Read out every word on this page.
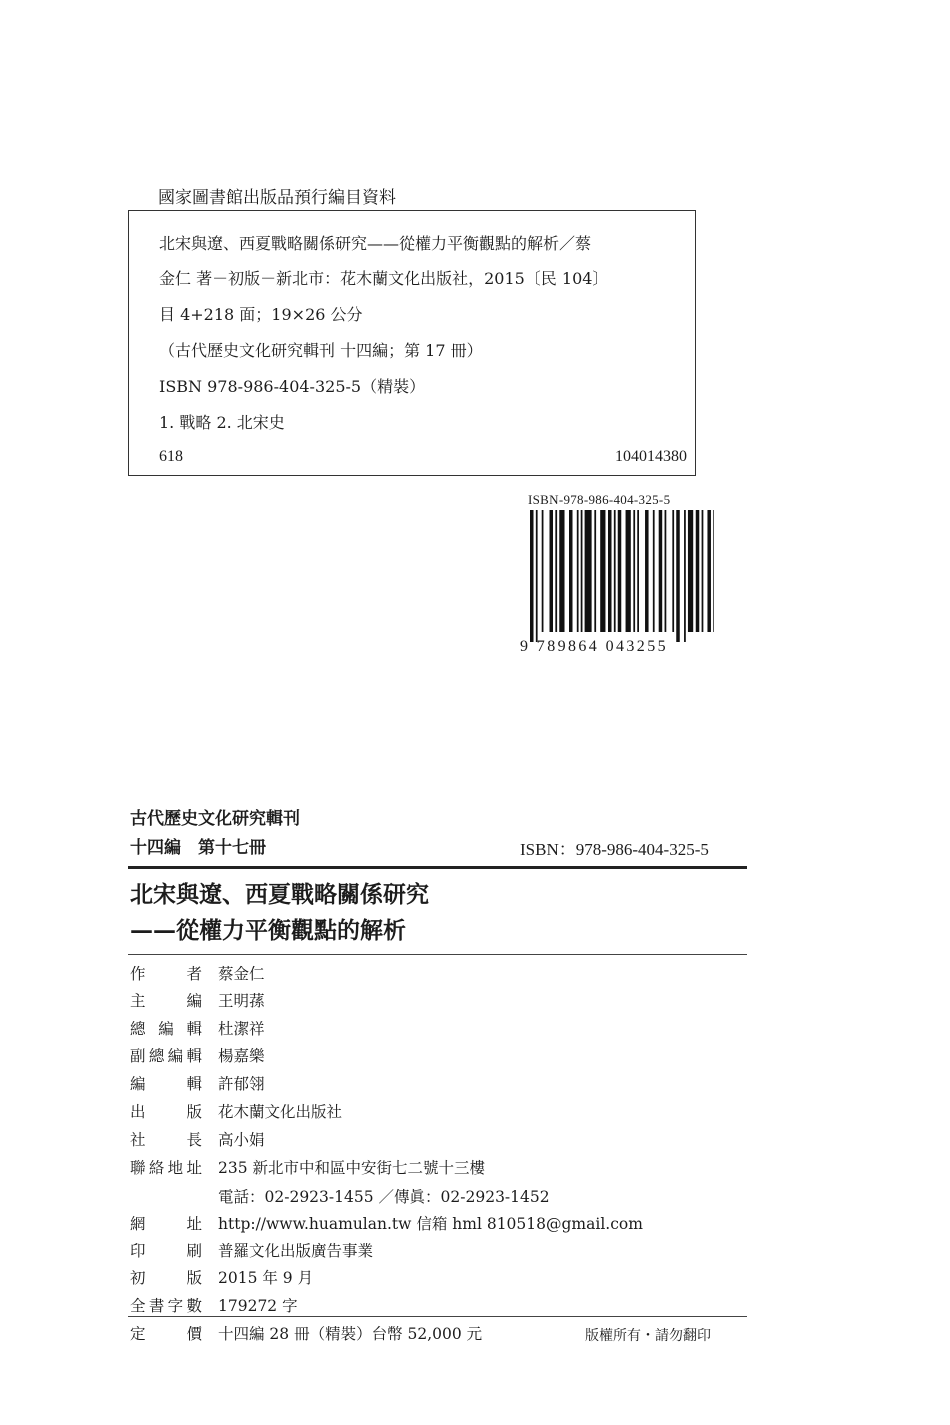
國家圖書館出版品預行編目資料
北宋與遼、西夏戰略關係研究——從權力平衡觀點的解析／蔡
金仁 著－初版－新北市：花木蘭文化出版社，2015〔民 104〕
目 4+218 面；19×26 公分
（古代歷史文化研究輯刊 十四編；第 17 冊）
ISBN 978-986-404-325-5（精裝）
1. 戰略 2. 北宋史
618	104014380
ISBN-978-986-404-325-5
9 789864 043255
古代歷史文化研究輯刊
十四編　第十七冊	ISBN：978-986-404-325-5
北宋與遼、西夏戰略關係研究
——從權力平衡觀點的解析
作者 蔡金仁
主編 王明蓀
總編輯 杜潔祥
副總編輯 楊嘉樂
編輯 許郁翎
出版 花木蘭文化出版社
社長 高小娟
聯絡地址 235 新北市中和區中安街七二號十三樓
電話：02-2923-1455 ／傳眞：02-2923-1452
網址 http://www.huamulan.tw 信箱 hml 810518@gmail.com
印刷 普羅文化出版廣告事業
初版 2015 年 9 月
全書字數 179272 字
定價 十四編 28 冊（精裝）台幣 52,000 元	版權所有・請勿翻印
